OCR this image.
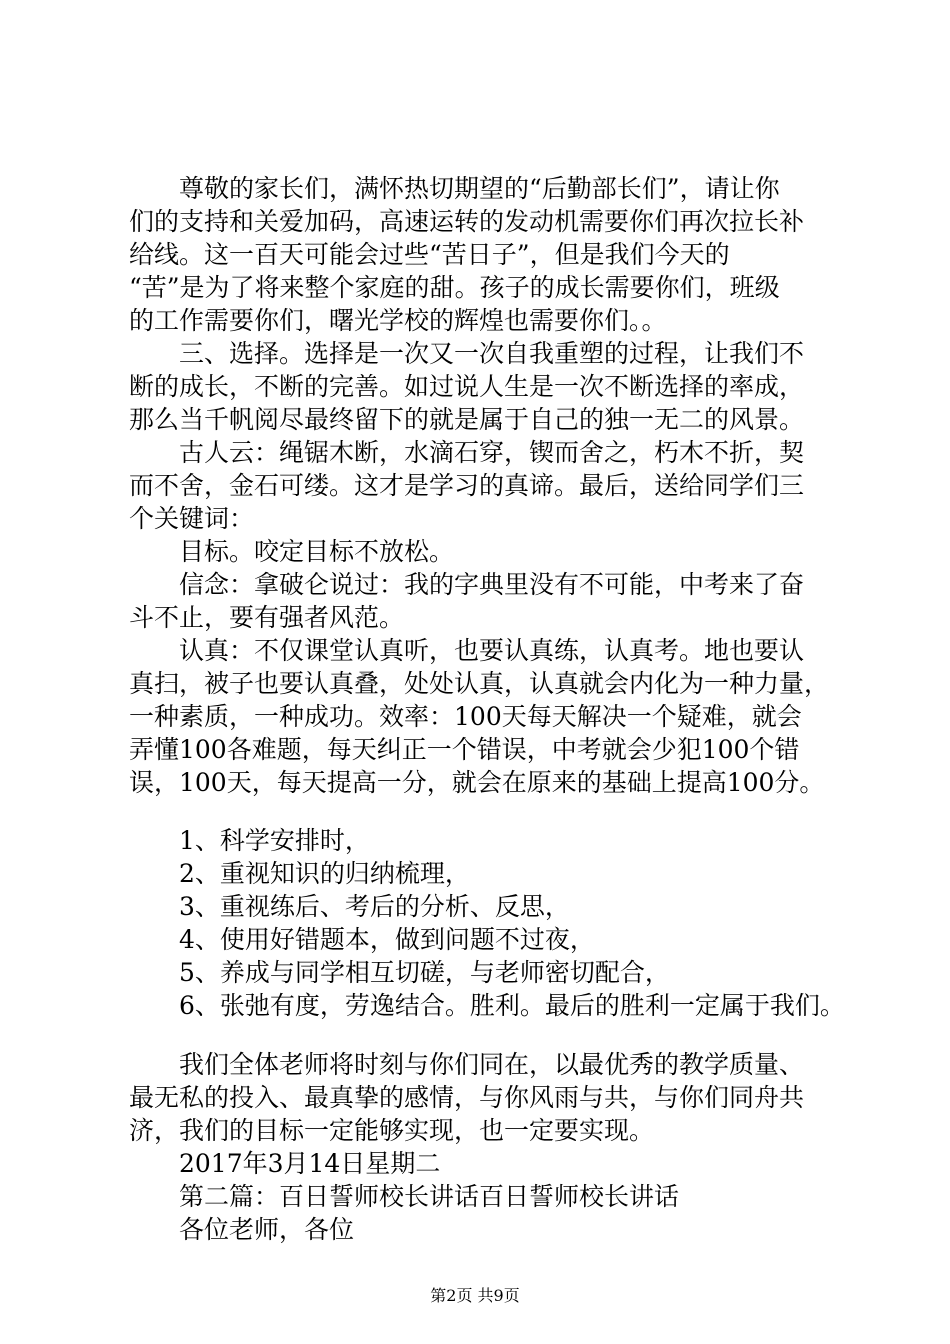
尊敬的家长们，满怀热切期望的“后勤部长们”，请让你
们的支持和关爱加码，高速运转的发动机需要你们再次拉长补
给线。这一百天可能会过些“苦日子”，但是我们今天的
“苦”是为了将来整个家庭的甜。孩子的成长需要你们，班级
的工作需要你们，曙光学校的辉煌也需要你们。。
三、选择。选择是一次又一次自我重塑的过程，让我们不
断的成长，不断的完善。如过说人生是一次不断选择的率成，
那么当千帆阅尽最终留下的就是属于自己的独一无二的风景。
古人云：绳锯木断，水滴石穿，锲而舍之，朽木不折，契
而不舍，金石可缕。这才是学习的真谛。最后，送给同学们三
个关键词：
目标。咬定目标不放松。
信念：拿破仑说过：我的字典里没有不可能，中考来了奋
斗不止，要有强者风范。
认真：不仅课堂认真听，也要认真练，认真考。地也要认
真扫，被子也要认真叠，处处认真，认真就会内化为一种力量，
一种素质，一种成功。效率：100天每天解决一个疑难，就会
弄懂100各难题，每天纠正一个错误，中考就会少犯100个错
误，100天，每天提高一分，就会在原来的基础上提高100分。
1、科学安排时，
2、重视知识的归纳梳理，
3、重视练后、考后的分析、反思，
4、使用好错题本，做到问题不过夜，
5、养成与同学相互切磋，与老师密切配合，
6、张弛有度，劳逸结合。胜利。最后的胜利一定属于我们。
我们全体老师将时刻与你们同在，以最优秀的教学质量、
最无私的投入、最真挚的感情，与你风雨与共，与你们同舟共
济，我们的目标一定能够实现，也一定要实现。
2017年3月14日星期二
第二篇：百日誓师校长讲话百日誓师校长讲话
各位老师，各位
第2页 共9页
